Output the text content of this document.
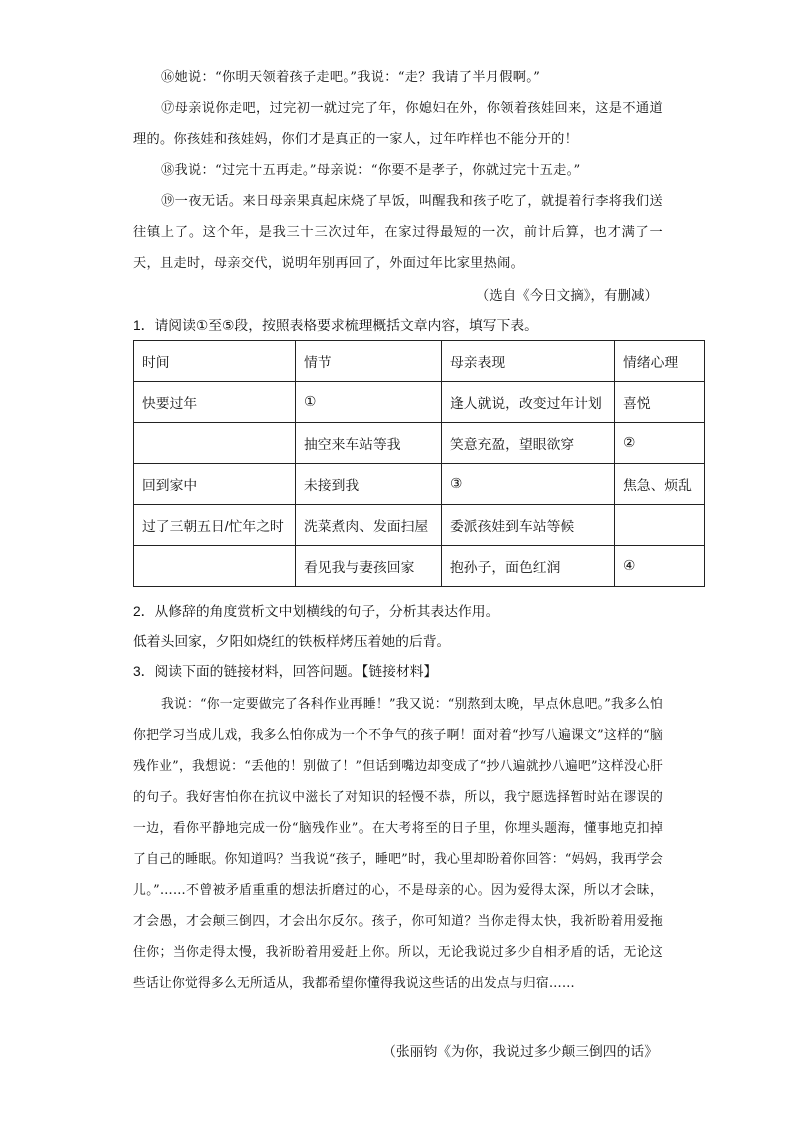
⑯她说：“你明天领着孩子走吧。”我说：“走？我请了半月假啊。”

⑰母亲说你走吧，过完初一就过完了年，你媳妇在外，你领着孩娃回来，这是不通道理的。你孩娃和孩娃妈，你们才是真正的一家人，过年咋样也不能分开的！

⑱我说：“过完十五再走。”母亲说：“你要不是孝子，你就过完十五走。”

⑲一夜无话。来日母亲果真起床烧了早饭，叫醒我和孩子吃了，就提着行李将我们送往镇上了。这个年，是我三十三次过年，在家过得最短的一次，前计后算，也才满了一天，且走时，母亲交代，说明年别再回了，外面过年比家里热闹。

（选自《今日文摘》，有删减）

1．请阅读①至⑤段，按照表格要求梳理概括文章内容，填写下表。

时间	情节	母亲表现	情绪心理
快要过年	①	逢人就说，改变过年计划	喜悦
	抽空来车站等我	笑意充盈，望眼欲穿	②
回到家中	未接到我	③	焦急、烦乱
过了三朝五日/忙年之时	洗菜煮肉、发面扫屋	委派孩娃到车站等候	
	看见我与妻孩回家	抱孙子，面色红润	④

2．从修辞的角度赏析文中划横线的句子，分析其表达作用。

低着头回家，夕阳如烧红的铁板样烤压着她的后背。

3．阅读下面的链接材料，回答问题。【链接材料】

我说：“你一定要做完了各科作业再睡！”我又说：“别熬到太晚，早点休息吧。”我多么怕你把学习当成儿戏，我多么怕你成为一个不争气的孩子啊！面对着“抄写八遍课文”这样的“脑残作业”，我想说：“丢他的！别做了！”但话到嘴边却变成了“抄八遍就抄八遍吧”这样没心肝的句子。我好害怕你在抗议中滋长了对知识的轻慢不恭，所以，我宁愿选择暂时站在谬误的一边，看你平静地完成一份“脑残作业”。在大考将至的日子里，你埋头题海，懂事地克扣掉了自己的睡眠。你知道吗？当我说“孩子，睡吧”时，我心里却盼着你回答：“妈妈，我再学会儿。”……不曾被矛盾重重的想法折磨过的心，不是母亲的心。因为爱得太深，所以才会昧，才会愚，才会颠三倒四，才会出尔反尔。孩子，你可知道？当你走得太快，我祈盼着用爱拖住你；当你走得太慢，我祈盼着用爱赶上你。所以，无论我说过多少自相矛盾的话，无论这些话让你觉得多么无所适从，我都希望你懂得我说这些话的出发点与归宿……

（张丽钧《为你，我说过多少颠三倒四的话》
